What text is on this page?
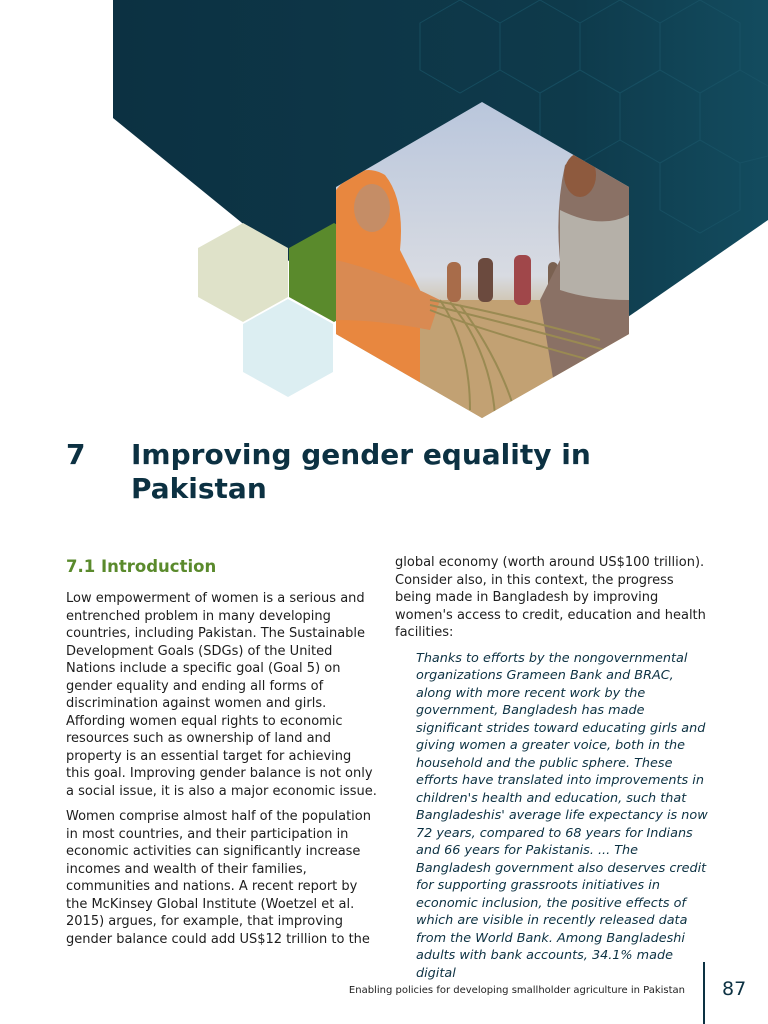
7 Improving gender equality in Pakistan
7.1 Introduction

Low empowerment of women is a serious and entrenched problem in many developing countries, including Pakistan. The Sustainable Development Goals (SDGs) of the United Nations include a specific goal (Goal 5) on gender equality and ending all forms of discrimination against women and girls. Affording women equal rights to economic resources such as ownership of land and property is an essential target for achieving this goal. Improving gender balance is not only a social issue, it is also a major economic issue.

Women comprise almost half of the population in most countries, and their participation in economic activities can significantly increase incomes and wealth of their families, communities and nations. A recent report by the McKinsey Global Institute (Woetzel et al. 2015) argues, for example, that improving gender balance could add US$12 trillion to the

global economy (worth around US$100 trillion). Consider also, in this context, the progress being made in Bangladesh by improving women's access to credit, education and health facilities:

Thanks to efforts by the nongovernmental organizations Grameen Bank and BRAC, along with more recent work by the government, Bangladesh has made significant strides toward educating girls and giving women a greater voice, both in the household and the public sphere. These efforts have translated into improvements in children's health and education, such that Bangladeshis' average life expectancy is now 72 years, compared to 68 years for Indians and 66 years for Pakistanis. ... The Bangladesh government also deserves credit for supporting grassroots initiatives in economic inclusion, the positive effects of which are visible in recently released data from the World Bank. Among Bangladeshi adults with bank accounts, 34.1% made digital
Enabling policies for developing smallholder agriculture in Pakistan 87
